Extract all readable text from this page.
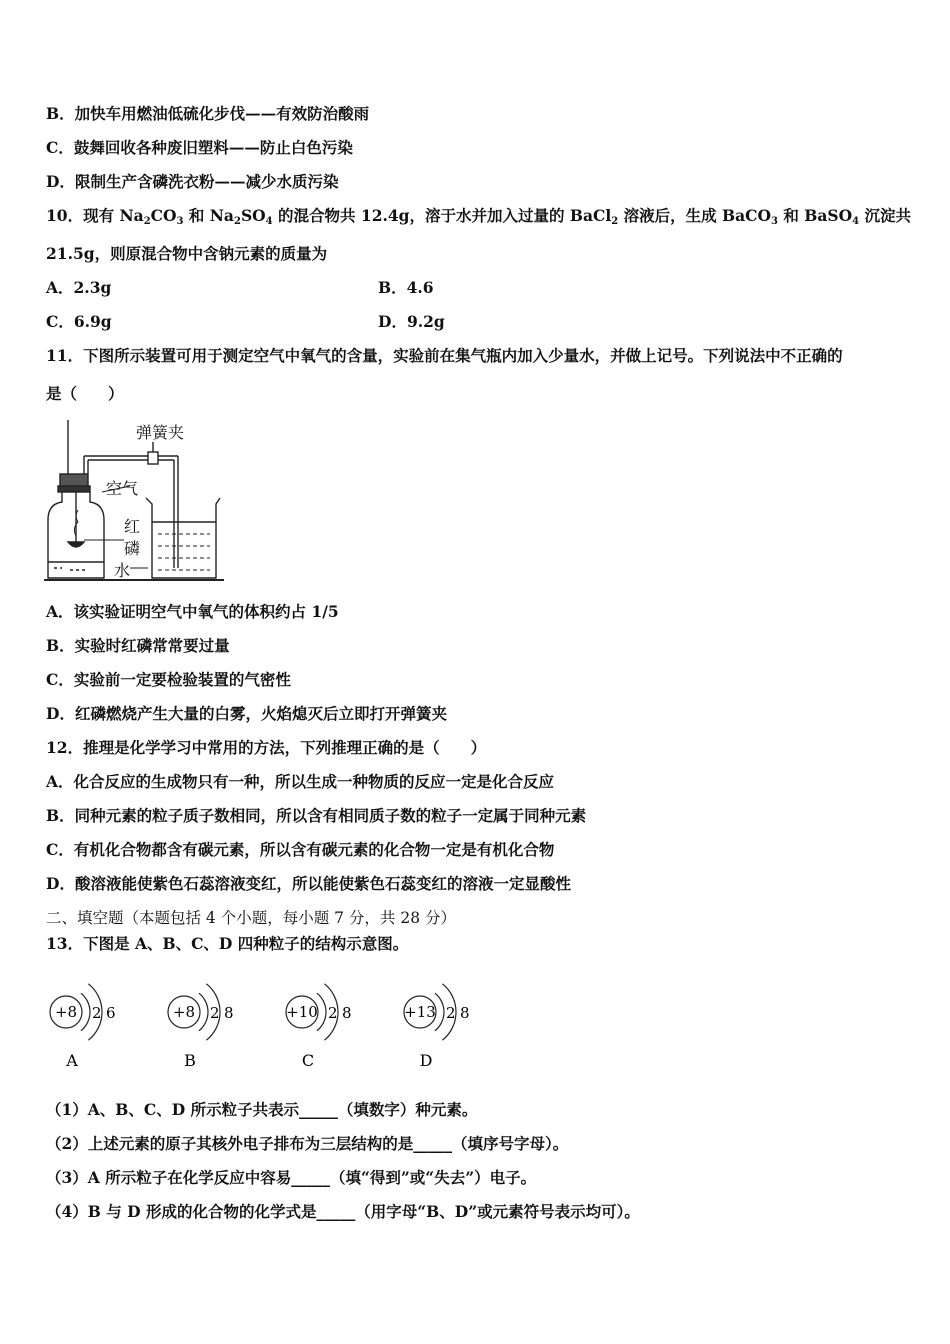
B．加快车用燃油低硫化步伐——有效防治酸雨
C．鼓舞回收各种废旧塑料——防止白色污染
D．限制生产含磷洗衣粉——减少水质污染
10．现有 $Na_2CO_3$ 和 $Na_2SO_4$ 的混合物共 12.4g，溶于水并加入过量的 BaCl$_2$ 溶液后，生成 BaCO$_3$ 和 BaSO$_4$ 沉淀共
21.5g，则原混合物中含钠元素的质量为
A．2.3g	B．4.6
C．6.9g	D．9.2g
11．下图所示装置可用于测定空气中氧气的含量，实验前在集气瓶内加入少量水，并做上记号。下列说法中不正确的
是（　　）
弹簧夹
空气
红
磷
水
A．该实验证明空气中氧气的体积约占 1/5
B．实验时红磷常常要过量
C．实验前一定要检验装置的气密性
D．红磷燃烧产生大量的白雾，火焰熄灭后立即打开弹簧夹
12．推理是化学学习中常用的方法，下列推理正确的是（　　）
A．化合反应的生成物只有一种，所以生成一种物质的反应一定是化合反应
B．同种元素的粒子质子数相同，所以含有相同质子数的粒子一定属于同种元素
C．有机化合物都含有碳元素，所以含有碳元素的化合物一定是有机化合物
D．酸溶液能使紫色石蕊溶液变红，所以能使紫色石蕊变红的溶液一定显酸性
二、填空题（本题包括 4 个小题，每小题 7 分，共 28 分）
13．下图是 A、B、C、D 四种粒子的结构示意图。
+8 2 6
A
+8 2 8
B
+10 2 8
C
+13 2 8
D
（1）A、B、C、D 所示粒子共表示_____（填数字）种元素。
（2）上述元素的原子其核外电子排布为三层结构的是_____（填序号字母）。
（3）A 所示粒子在化学反应中容易_____（填“得到”或“失去”）电子。
（4）B 与 D 形成的化合物的化学式是_____（用字母“B、D”或元素符号表示均可）。
